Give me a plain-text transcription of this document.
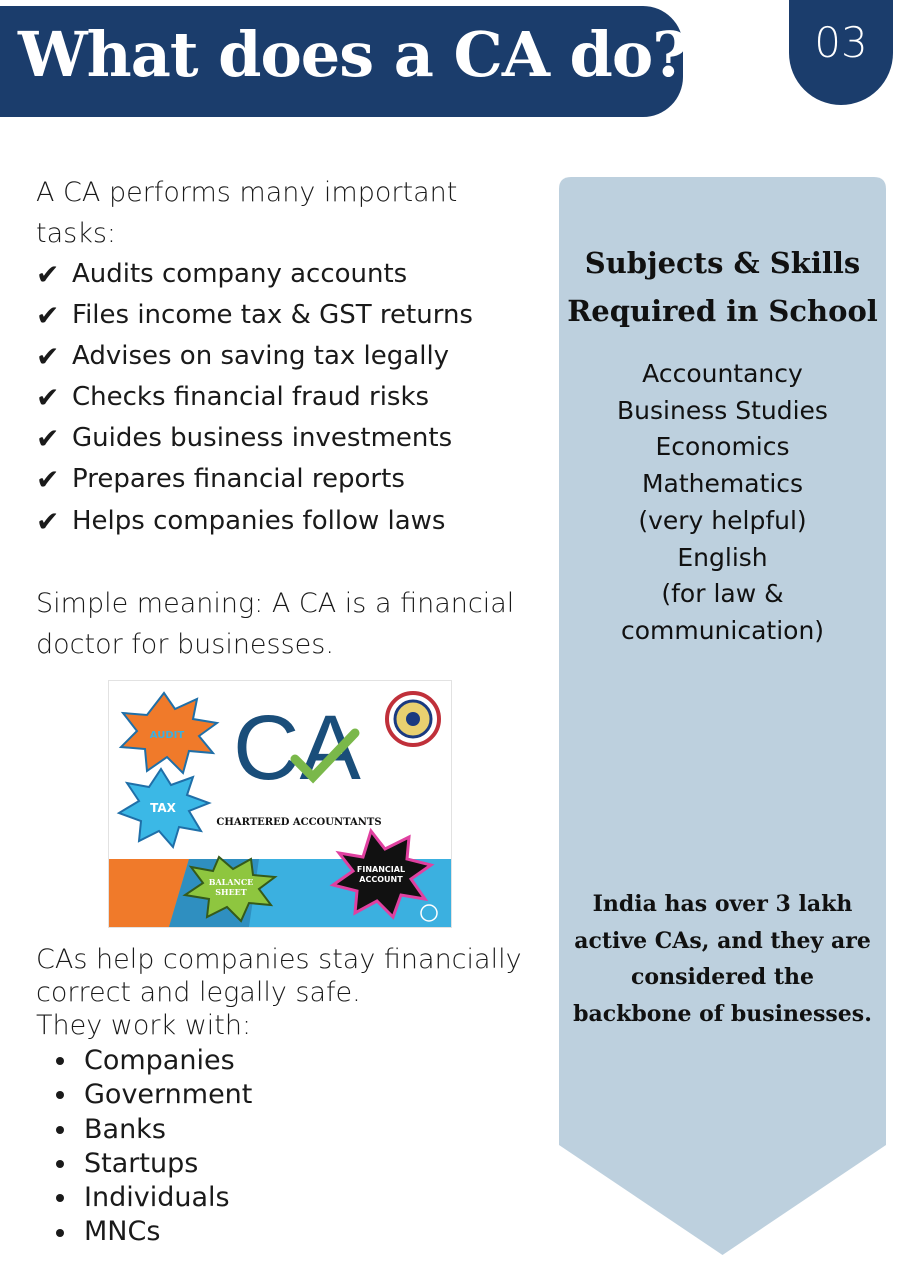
What does a CA do?	03

A CA performs many important tasks:

✔ Audits company accounts
✔ Files income tax & GST returns
✔ Advises on saving tax legally
✔ Checks financial fraud risks
✔ Guides business investments
✔ Prepares financial reports
✔ Helps companies follow laws

Simple meaning: A CA is a financial doctor for businesses.

AUDIT
TAX
CA
CHARTERED ACCOUNTANTS
BALANCE
SHEET
FINANCIAL
ACCOUNT
CAs help companies stay financially correct and legally safe.
They work with:
Companies
Government
Banks
Startups
Individuals
MNCs
Subjects & Skills
Required in School
Accountancy
Business Studies
Economics
Mathematics
(very helpful)
English
(for law &
communication)
India has over 3 lakh
active CAs, and they are
considered the
backbone of businesses.
